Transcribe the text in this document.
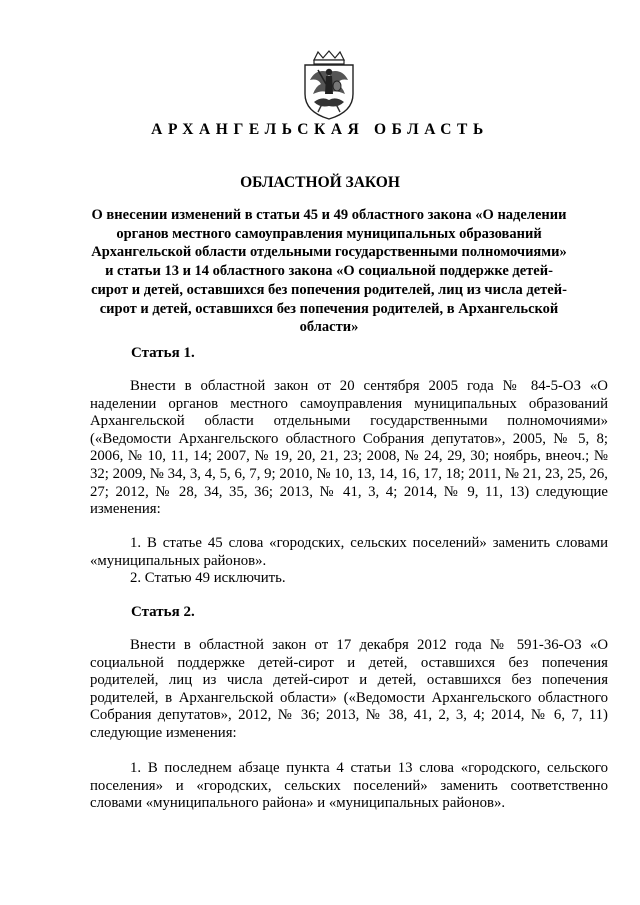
АРХАНГЕЛЬСКАЯ ОБЛАСТЬ
ОБЛАСТНОЙ ЗАКОН
О внесении изменений в статьи 45 и 49 областного закона «О наделении органов местного самоуправления муниципальных образований Архангельской области отдельными государственными полномочиями» и статьи 13 и 14 областного закона «О социальной поддержке детей-сирот и детей, оставшихся без попечения родителей, лиц из числа детей-сирот и детей, оставшихся без попечения родителей, в Архангельской области»
Статья 1.
Внести в областной закон от 20 сентября 2005 года № 84-5-ОЗ «О наделении органов местного самоуправления муниципальных образований Архангельской области отдельными государственными полномочиями» («Ведомости Архангельского областного Собрания депутатов», 2005, № 5, 8; 2006, № 10, 11, 14; 2007, № 19, 20, 21, 23; 2008, № 24, 29, 30; ноябрь, внеоч.; № 32; 2009, № 34, 3, 4, 5, 6, 7, 9; 2010, № 10, 13, 14, 16, 17, 18; 2011, № 21, 23, 25, 26, 27; 2012, № 28, 34, 35, 36; 2013, № 41, 3, 4; 2014, № 9, 11, 13) следующие изменения:
1. В статье 45 слова «городских, сельских поселений» заменить словами «муниципальных районов».
2. Статью 49 исключить.
Статья 2.
Внести в областной закон от 17 декабря 2012 года № 591-36-ОЗ «О социальной поддержке детей-сирот и детей, оставшихся без попечения родителей, лиц из числа детей-сирот и детей, оставшихся без попечения родителей, в Архангельской области» («Ведомости Архангельского областного Собрания депутатов», 2012, № 36; 2013, № 38, 41, 2, 3, 4; 2014, № 6, 7, 11) следующие изменения:
1. В последнем абзаце пункта 4 статьи 13 слова «городского, сельского поселения» и «городских, сельских поселений» заменить соответственно словами «муниципального района» и «муниципальных районов».
